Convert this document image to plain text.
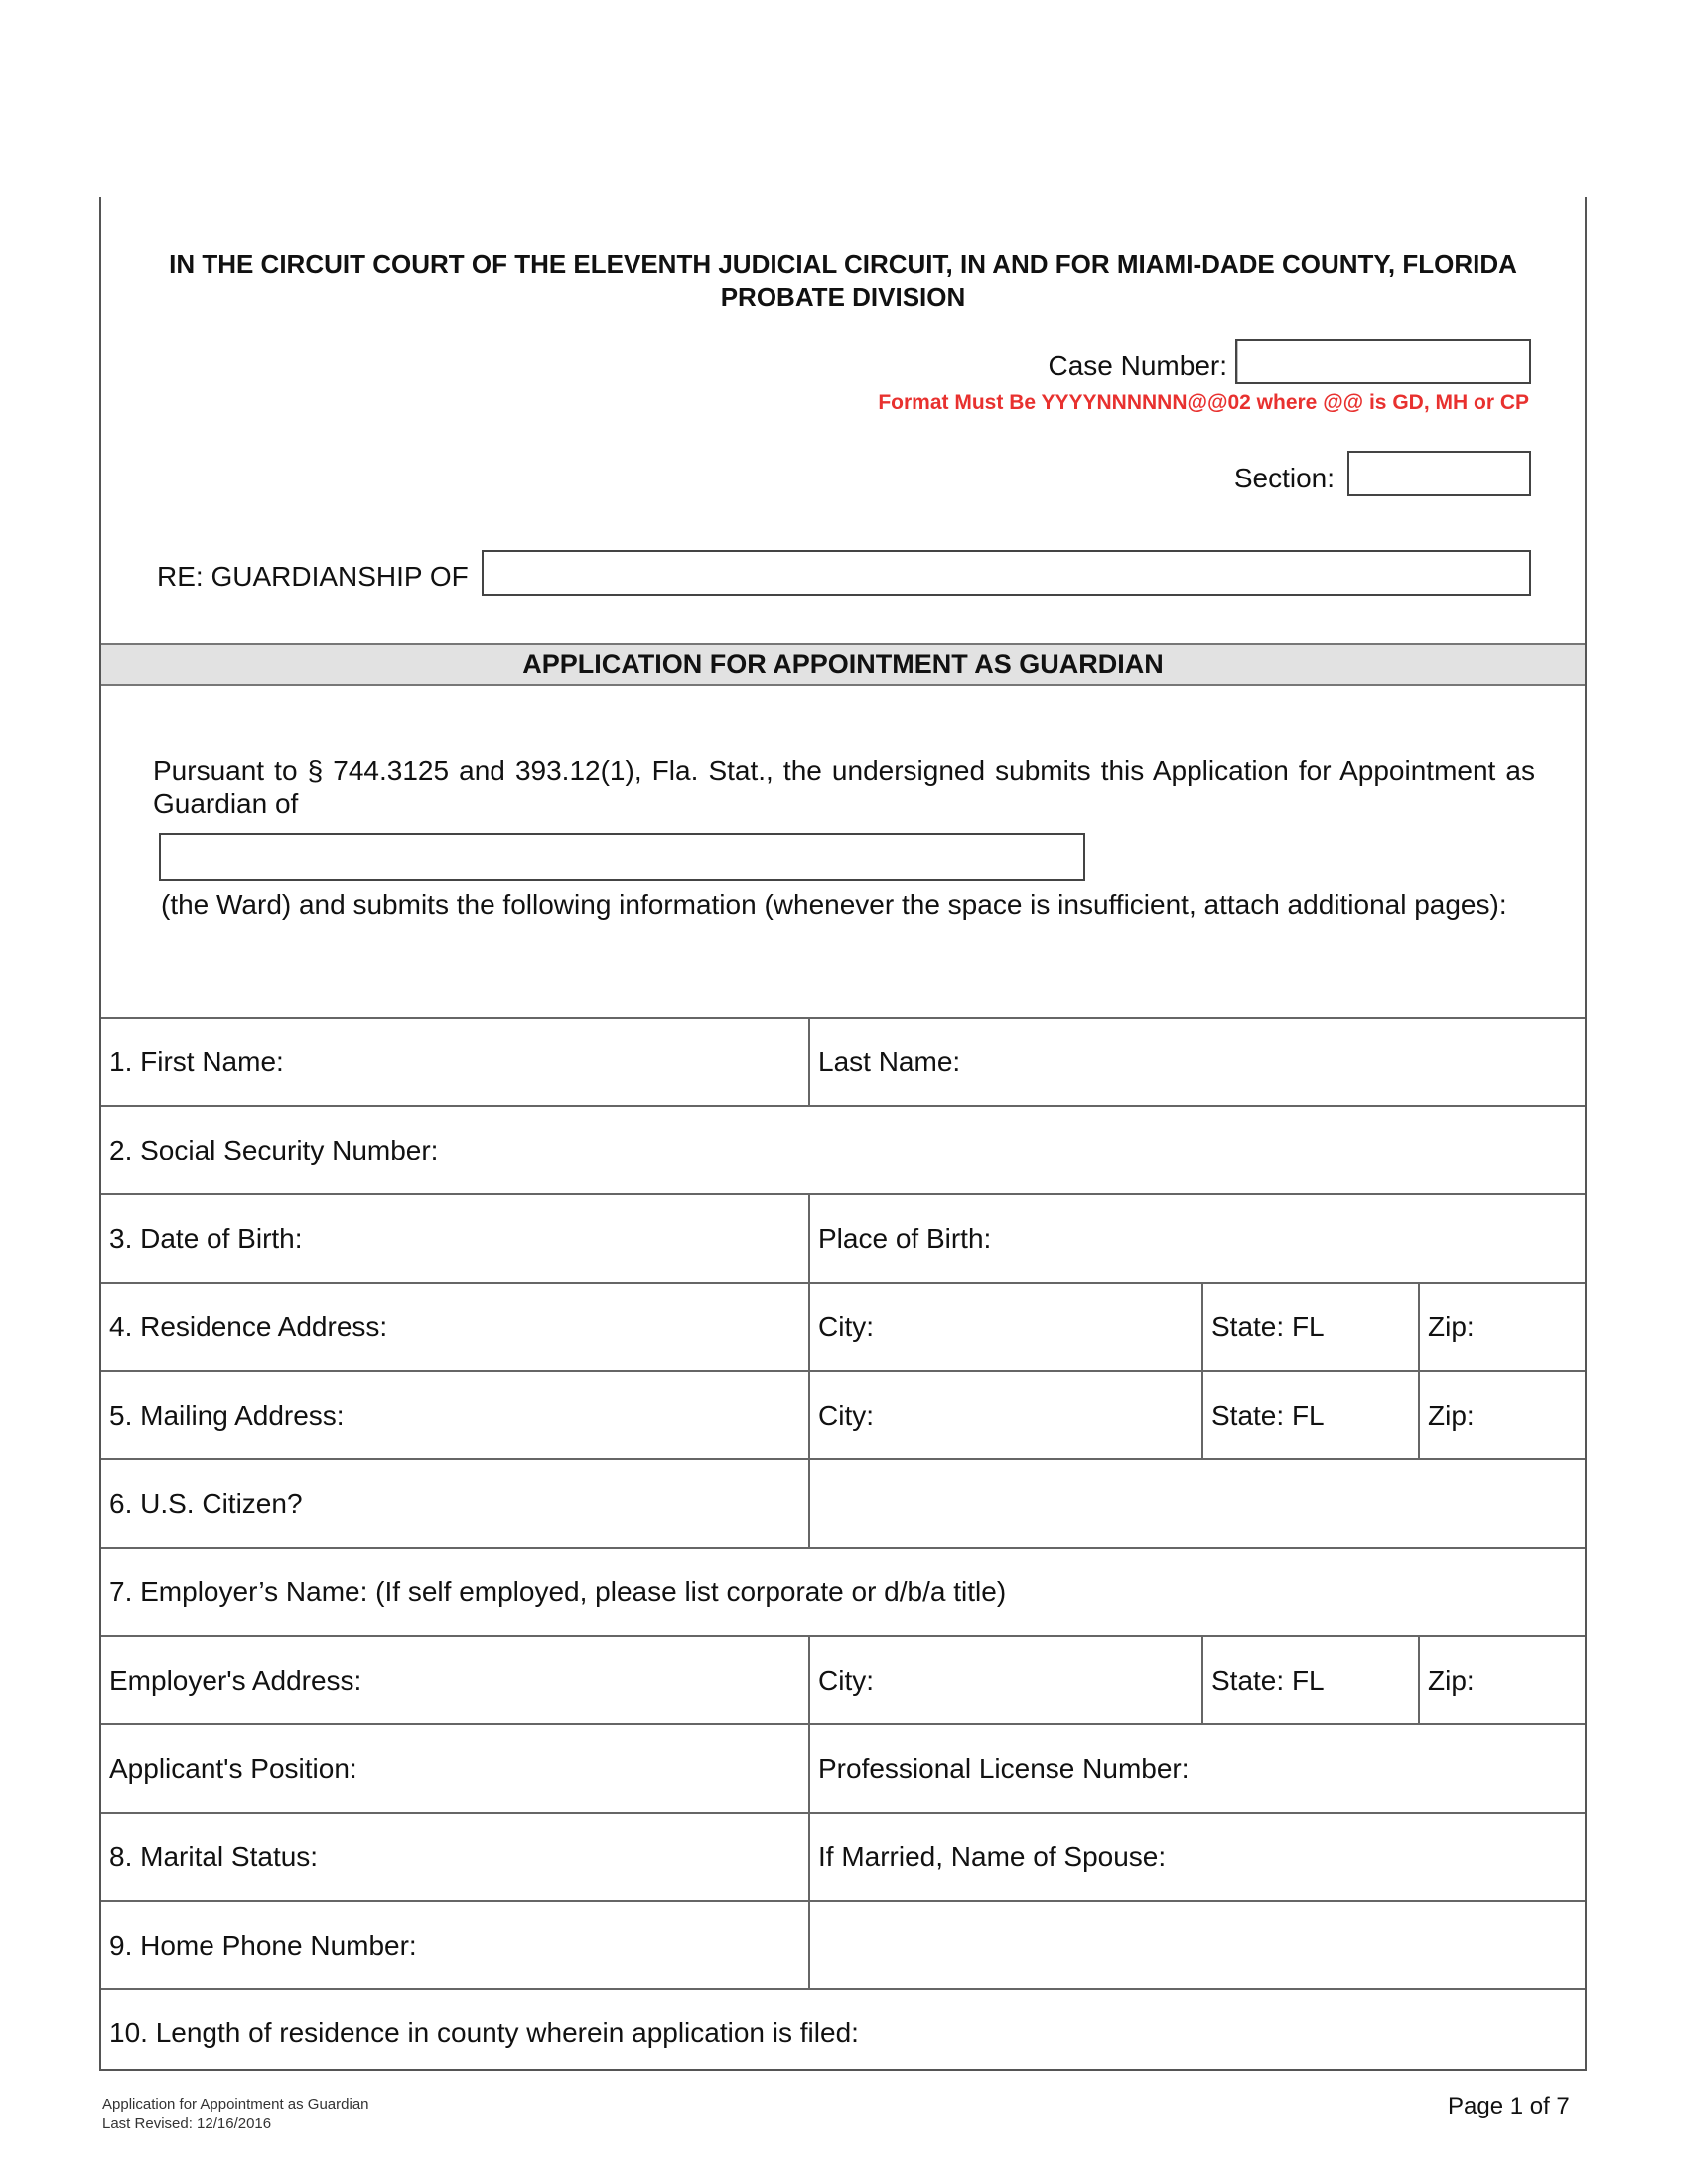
IN THE CIRCUIT COURT OF THE ELEVENTH JUDICIAL CIRCUIT, IN AND FOR MIAMI-DADE COUNTY, FLORIDA
PROBATE DIVISION
Case Number:
Format Must Be YYYYNNNNNN@@02 where @@ is GD, MH or CP
Section:
RE: GUARDIANSHIP OF
APPLICATION FOR APPOINTMENT AS GUARDIAN
Pursuant to § 744.3125 and 393.12(1), Fla. Stat., the undersigned submits this Application for Appointment as Guardian of
(the Ward) and submits the following information (whenever the space is insufficient, attach additional pages):
1. First Name:	Last Name:
2. Social Security Number:
3. Date of Birth:	Place of Birth:
4. Residence Address:	City:	State: FL	Zip:
5. Mailing Address:	City:	State: FL	Zip:
6. U.S. Citizen?
7. Employer’s Name: (If self employed, please list corporate or d/b/a title)
Employer's Address:	City:	State: FL	Zip:
Applicant's Position:	Professional License Number:
8. Marital Status:	If Married, Name of Spouse:
9. Home Phone Number:
10. Length of residence in county wherein application is filed:
Application for Appointment as Guardian
Last Revised: 12/16/2016
Page 1 of 7
